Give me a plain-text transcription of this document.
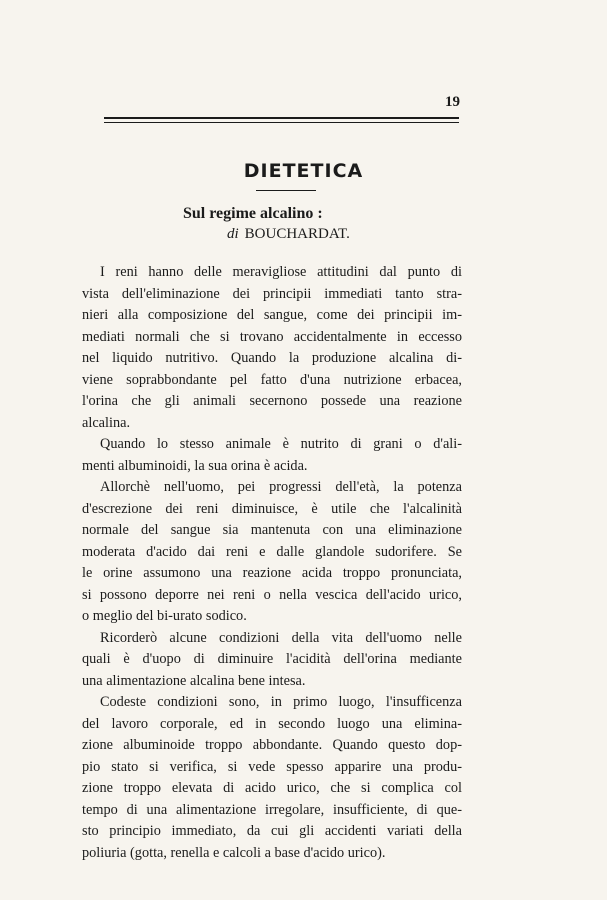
19
DIETETICA
Sul regime alcalino :
di BOUCHARDAT.
I reni hanno delle meravigliose attitudini dal punto di
vista dell'eliminazione dei principii immediati tanto stra-
nieri alla composizione del sangue, come dei principii im-
mediati normali che si trovano accidentalmente in eccesso
nel liquido nutritivo. Quando la produzione alcalina di-
viene soprabbondante pel fatto d'una nutrizione erbacea,
l'orina che gli animali secernono possede una reazione
alcalina.
Quando lo stesso animale è nutrito di grani o d'ali-
menti albuminoidi, la sua orina è acida.
Allorchè nell'uomo, pei progressi dell'età, la potenza
d'escrezione dei reni diminuisce, è utile che l'alcalinità
normale del sangue sia mantenuta con una eliminazione
moderata d'acido dai reni e dalle glandole sudorifere. Se
le orine assumono una reazione acida troppo pronunciata,
si possono deporre nei reni o nella vescica dell'acido urico,
o meglio del bi-urato sodico.
Ricorderò alcune condizioni della vita dell'uomo nelle
quali è d'uopo di diminuire l'acidità dell'orina mediante
una alimentazione alcalina bene intesa.
Codeste condizioni sono, in primo luogo, l'insufficenza
del lavoro corporale, ed in secondo luogo una elimina-
zione albuminoide troppo abbondante. Quando questo dop-
pio stato si verifica, si vede spesso apparire una produ-
zione troppo elevata di acido urico, che si complica col
tempo di una alimentazione irregolare, insufficiente, di que-
sto principio immediato, da cui gli accidenti variati della
poliuria (gotta, renella e calcoli a base d'acido urico).
